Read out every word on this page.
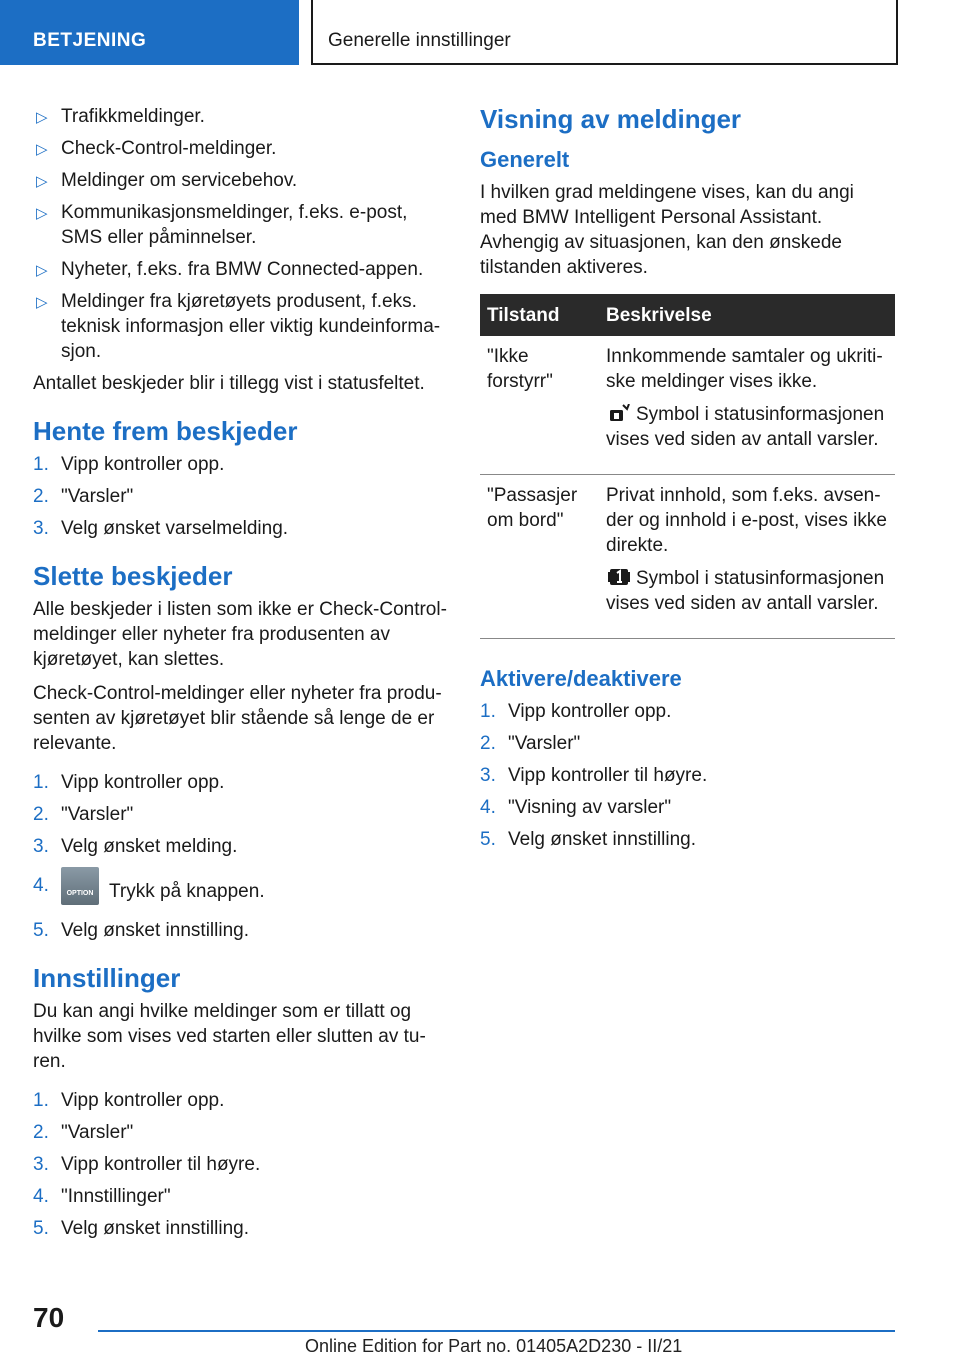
BETJENING	Generelle innstillinger
▷ Trafikkmeldinger.
▷ Check-Control-meldinger.
▷ Meldinger om servicebehov.
▷ Kommunikasjonsmeldinger, f.eks. e-post, SMS eller påminnelser.
▷ Nyheter, f.eks. fra BMW Connected-appen.
▷ Meldinger fra kjøretøyets produsent, f.eks. teknisk informasjon eller viktig kundeinformasjon.

Antallet beskjeder blir i tillegg vist i statusfeltet.

Hente frem beskjeder
1. Vipp kontroller opp.
2. "Varsler"
3. Velg ønsket varselmelding.
Slette beskjeder

Alle beskjeder i listen som ikke er Check-Control-meldinger eller nyheter fra produsenten av kjøretøyet, kan slettes.

Check-Control-meldinger eller nyheter fra produsenten av kjøretøyet blir stående så lenge de er relevante.

1. Vipp kontroller opp.
2. "Varsler"
3. Velg ønsket melding.
4.	OPTION Trykk på knappen.
5. Velg ønsket innstilling.
Innstillinger

Du kan angi hvilke meldinger som er tillatt og hvilke som vises ved starten eller slutten av turen.

1. Vipp kontroller opp.
2. "Varsler"
3. Vipp kontroller til høyre.
4. "Innstillinger"
5. Velg ønsket innstilling.
Visning av meldinger
Generelt

I hvilken grad meldingene vises, kan du angi med BMW Intelligent Personal Assistant. Avhengig av situasjonen, kan den ønskede tilstanden aktiveres.

Tilstand	Beskrivelse
"Ikke forstyrr"	Innkommende samtaler og ukritiske meldinger vises ikke.

Symbol i statusinformasjonen vises ved siden av antall varsler.

"Passasjer om bord"	Privat innhold, som f.eks. avsender og innhold i e-post, vises ikke direkte.

Symbol i statusinformasjonen vises ved siden av antall varsler.

Aktivere/deaktivere
1. Vipp kontroller opp.
2. "Varsler"
3. Vipp kontroller til høyre.
4. "Visning av varsler"
5. Velg ønsket innstilling.
70
Online Edition for Part no. 01405A2D230 - II/21
